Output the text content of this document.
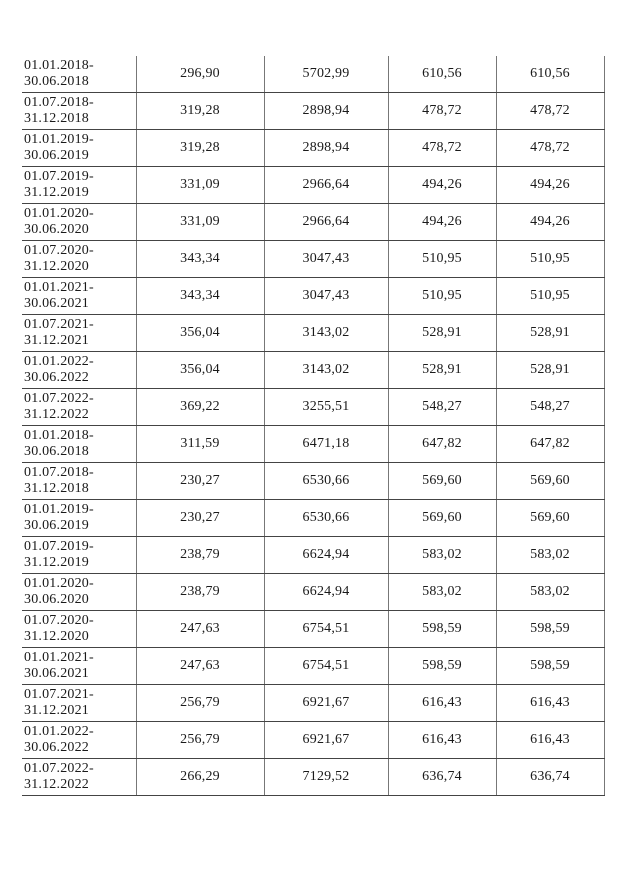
01.01.2018-
30.06.2018	296,90	5702,99	610,56	610,56

01.07.2018-
31.12.2018	319,28	2898,94	478,72	478,72

01.01.2019-
30.06.2019	319,28	2898,94	478,72	478,72

01.07.2019-
31.12.2019	331,09	2966,64	494,26	494,26

01.01.2020-
30.06.2020	331,09	2966,64	494,26	494,26

01.07.2020-
31.12.2020	343,34	3047,43	510,95	510,95

01.01.2021-
30.06.2021	343,34	3047,43	510,95	510,95

01.07.2021-
31.12.2021	356,04	3143,02	528,91	528,91

01.01.2022-
30.06.2022	356,04	3143,02	528,91	528,91

01.07.2022-
31.12.2022	369,22	3255,51	548,27	548,27

01.01.2018-
30.06.2018	311,59	6471,18	647,82	647,82

01.07.2018-
31.12.2018	230,27	6530,66	569,60	569,60

01.01.2019-
30.06.2019	230,27	6530,66	569,60	569,60

01.07.2019-
31.12.2019	238,79	6624,94	583,02	583,02

01.01.2020-
30.06.2020	238,79	6624,94	583,02	583,02

01.07.2020-
31.12.2020	247,63	6754,51	598,59	598,59

01.01.2021-
30.06.2021	247,63	6754,51	598,59	598,59

01.07.2021-
31.12.2021	256,79	6921,67	616,43	616,43

01.01.2022-
30.06.2022	256,79	6921,67	616,43	616,43

01.07.2022-
31.12.2022	266,29	7129,52	636,74	636,74
